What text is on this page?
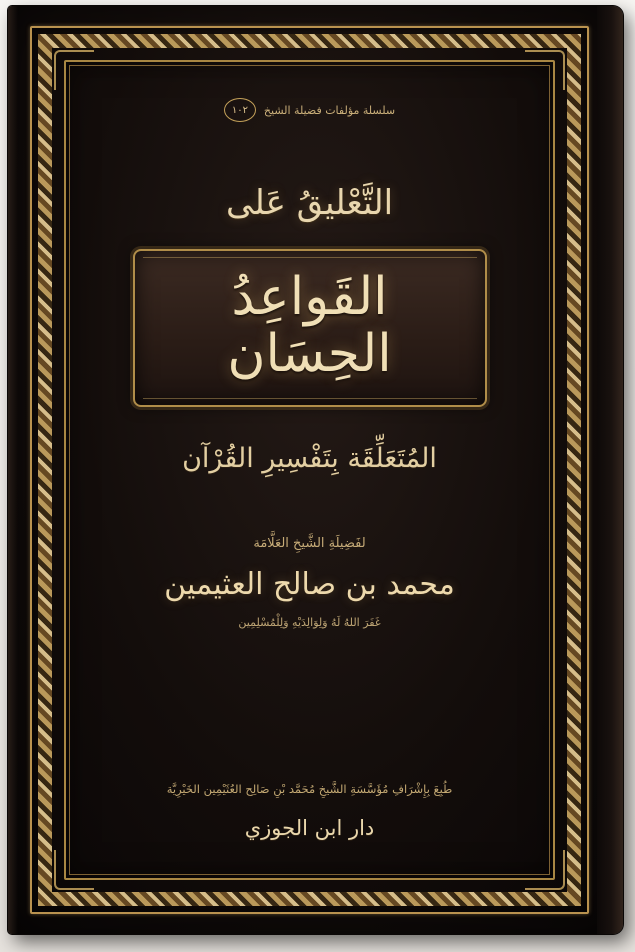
سلسلة مؤلفات فضيلة الشيخ
١٠٢
التَّعْليقُ عَلى
القَواعِدُ الحِسَان
المُتَعَلِّقَة بِتَفْسِيرِ القُرْآن
لفَضِيلَةِ الشَّيخِ العَلَّامَة
محمد بن صالح العثيمين
غَفَرَ اللهُ لَهُ وَلِوَالِدَيْهِ وَلِلْمُسْلِمِين
طُبِعَ بِإِشْرَافِ مُؤَسَّسَةِ الشَّيخِ مُحَمَّد بْنِ صَالِح العُثَيْمِين الخَيْرِيَّة
دار ابن الجوزي
